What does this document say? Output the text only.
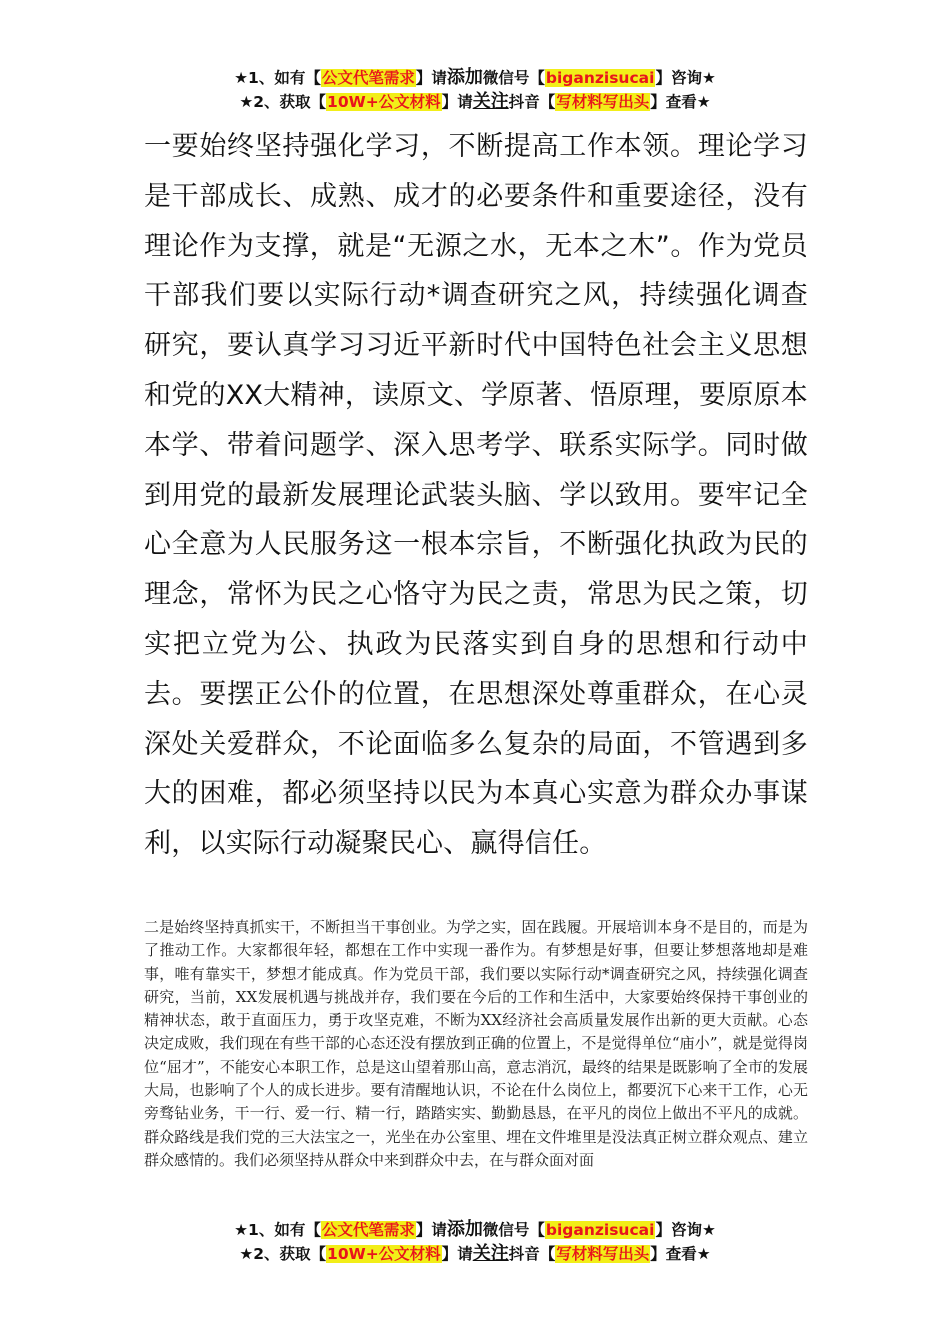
★1、如有【公文代笔需求】请添加微信号【biganzisucai】咨询★
★2、获取【10W+公文材料】请关注抖音【写材料写出头】查看★

一要始终坚持强化学习，不断提高工作本领。理论学习是干部成长、成熟、成才的必要条件和重要途径，没有理论作为支撑，就是“无源之水，无本之木”。作为党员干部我们要以实际行动*调查研究之风，持续强化调查研究，要认真学习习近平新时代中国特色社会主义思想和党的XX大精神，读原文、学原著、悟原理，要原原本本学、带着问题学、深入思考学、联系实际学。同时做到用党的最新发展理论武装头脑、学以致用。要牢记全心全意为人民服务这一根本宗旨，不断强化执政为民的理念，常怀为民之心恪守为民之责，常思为民之策，切实把立党为公、执政为民落实到自身的思想和行动中去。要摆正公仆的位置，在思想深处尊重群众，在心灵深处关爱群众，不论面临多么复杂的局面，不管遇到多大的困难，都必须坚持以民为本真心实意为群众办事谋利，以实际行动凝聚民心、赢得信任。

二是始终坚持真抓实干，不断担当干事创业。为学之实，固在践履。开展培训本身不是目的，而是为了推动工作。大家都很年轻，都想在工作中实现一番作为。有梦想是好事，但要让梦想落地却是难事，唯有靠实干，梦想才能成真。作为党员干部，我们要以实际行动*调查研究之风，持续强化调查研究，当前，XX发展机遇与挑战并存，我们要在今后的工作和生活中，大家要始终保持干事创业的精神状态，敢于直面压力，勇于攻坚克难，不断为XX经济社会高质量发展作出新的更大贡献。心态决定成败，我们现在有些干部的心态还没有摆放到正确的位置上，不是觉得单位“庙小”，就是觉得岗位“屈才”，不能安心本职工作，总是这山望着那山高，意志消沉，最终的结果是既影响了全市的发展大局，也影响了个人的成长进步。要有清醒地认识，不论在什么岗位上，都要沉下心来干工作，心无旁骛钻业务，干一行、爱一行、精一行，踏踏实实、勤勤恳恳，在平凡的岗位上做出不平凡的成就。群众路线是我们党的三大法宝之一，光坐在办公室里、埋在文件堆里是没法真正树立群众观点、建立群众感情的。我们必须坚持从群众中来到群众中去，在与群众面对面

★1、如有【公文代笔需求】请添加微信号【biganzisucai】咨询★
★2、获取【10W+公文材料】请关注抖音【写材料写出头】查看★
